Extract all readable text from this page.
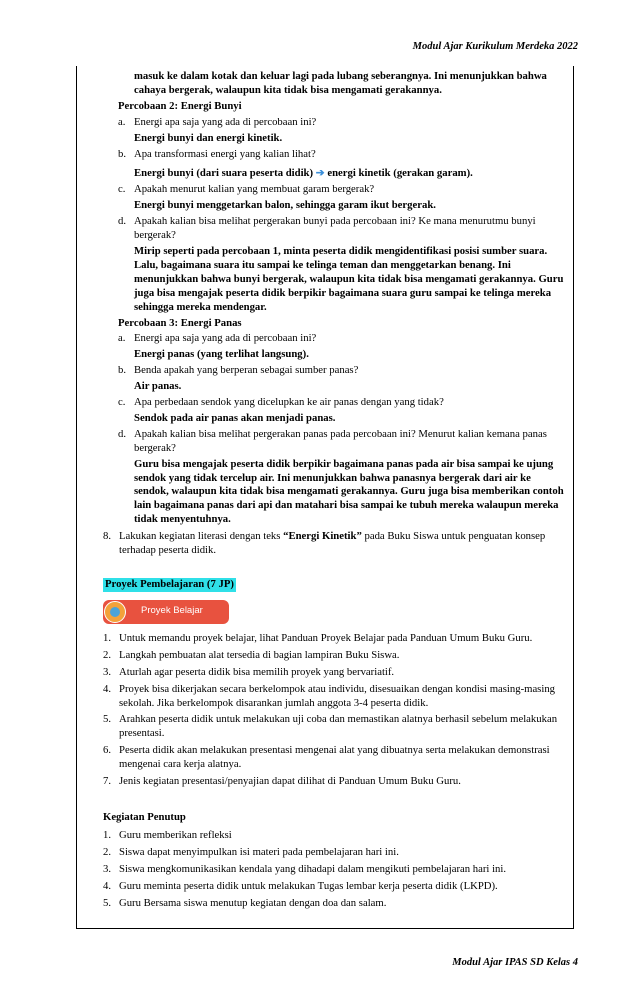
Modul Ajar Kurikulum Merdeka 2022

masuk ke dalam kotak dan keluar lagi pada lubang seberangnya. Ini menunjukkan bahwa cahaya bergerak, walaupun kita tidak bisa mengamati gerakannya.

Percobaan 2: Energi Bunyi

a. Energi apa saja yang ada di percobaan ini?

Energi bunyi dan energi kinetik.

b. Apa transformasi energi yang kalian lihat?

Energi bunyi (dari suara peserta didik) ➔ energi kinetik (gerakan garam).

c. Apakah menurut kalian yang membuat garam bergerak?

Energi bunyi menggetarkan balon, sehingga garam ikut bergerak.

d. Apakah kalian bisa melihat pergerakan bunyi pada percobaan ini? Ke mana menurutmu bunyi bergerak?

Mirip seperti pada percobaan 1, minta peserta didik mengidentifikasi posisi sumber suara. Lalu, bagaimana suara itu sampai ke telinga teman dan menggetarkan benang. Ini menunjukkan bahwa bunyi bergerak, walaupun kita tidak bisa mengamati gerakannya. Guru juga bisa mengajak peserta didik berpikir bagaimana suara guru sampai ke telinga mereka sehingga mereka mendengar.

Percobaan 3: Energi Panas

a. Energi apa saja yang ada di percobaan ini?

Energi panas (yang terlihat langsung).

b. Benda apakah yang berperan sebagai sumber panas?

Air panas.

c. Apa perbedaan sendok yang dicelupkan ke air panas dengan yang tidak?

Sendok pada air panas akan menjadi panas.

d. Apakah kalian bisa melihat pergerakan panas pada percobaan ini? Menurut kalian kemana panas bergerak?

Guru bisa mengajak peserta didik berpikir bagaimana panas pada air bisa sampai ke ujung sendok yang tidak tercelup air. Ini menunjukkan bahwa panasnya bergerak dari air ke sendok, walaupun kita tidak bisa mengamati gerakannya. Guru juga bisa memberikan contoh lain bagaimana panas dari api dan matahari bisa sampai ke tubuh mereka walaupun mereka tidak menyentuhnya.

8. Lakukan kegiatan literasi dengan teks “Energi Kinetik” pada Buku Siswa untuk penguatan konsep terhadap peserta didik.
Proyek Pembelajaran (7 JP)
Proyek Belajar
1. Untuk memandu proyek belajar, lihat Panduan Proyek Belajar pada Panduan Umum Buku Guru.
2. Langkah pembuatan alat tersedia di bagian lampiran Buku Siswa.
3. Aturlah agar peserta didik bisa memilih proyek yang bervariatif.
4. Proyek bisa dikerjakan secara berkelompok atau individu, disesuaikan dengan kondisi masing-masing sekolah. Jika berkelompok disarankan jumlah anggota 3-4 peserta didik.
5. Arahkan peserta didik untuk melakukan uji coba dan memastikan alatnya berhasil sebelum melakukan presentasi.
6. Peserta didik akan melakukan presentasi mengenai alat yang dibuatnya serta melakukan demonstrasi mengenai cara kerja alatnya.
7. Jenis kegiatan presentasi/penyajian dapat dilihat di Panduan Umum Buku Guru.

Kegiatan Penutup

1. Guru memberikan refleksi
2. Siswa dapat menyimpulkan isi materi pada pembelajaran hari ini.
3. Siswa mengkomunikasikan kendala yang dihadapi dalam mengikuti pembelajaran hari ini.
4. Guru meminta peserta didik untuk melakukan Tugas lembar kerja peserta didik (LKPD).
5. Guru Bersama siswa menutup kegiatan dengan doa dan salam.
Modul Ajar IPAS SD Kelas 4
